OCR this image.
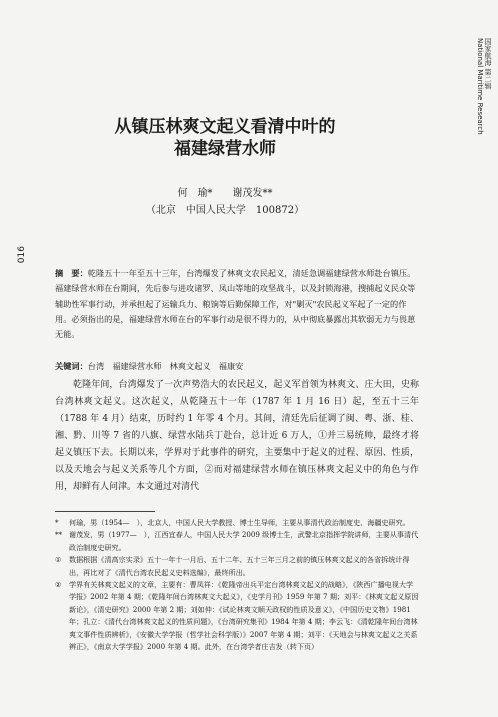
国家航海 第二辑
National Maritime Research
016
从镇压林爽文起义看清中叶的
福建绿营水师
何　瑜*　　谢茂发**
（北京　中国人民大学　100872）
摘　要：乾隆五十一年至五十三年，台湾爆发了林爽文农民起义，清廷急调福建绿营水师赴台镇压。福建绿营水师在台期间，先后参与进攻诸罗、凤山等地的攻坚战斗，以及封锁海港，搜捕起义民众等辅助性军事行动，并承担起了运输兵力、粮饷等后勤保障工作，对"剿灭"农民起义军起了一定的作用。必须指出的是，福建绿营水师在台的军事行动是很不得力的，从中彻底暴露出其软弱无力与畏葸无能。
关键词：台湾　福建绿营水师　林爽文起义　福康安

乾隆年间，台湾爆发了一次声势浩大的农民起义，起义军首领为林爽文、庄大田，史称台湾林爽文起义。这次起义，从乾隆五十一年（1787 年 1 月 16 日）起，至五十三年（1788 年 4 月）结束，历时约 1 年零 4 个月。其间，清廷先后征调了闽、粤、浙、桂、湘、黔、川等 7 省的八旗、绿营水陆兵丁赴台，总计近 6 万人，①并三易统帅，最终才将起义镇压下去。长期以来，学界对于此事件的研究，主要集中于起义的过程、原因、性质，以及天地会与起义关系等几个方面，②而对福建绿营水师在镇压林爽文起义中的角色与作用，却鲜有人问津。本文通过对清代

*	何瑜，男（1954—　），北京人，中国人民大学教授、博士生导师，主要从事清代政治制度史、海疆史研究。
** 谢茂发，男（1977—　），江西宜春人，中国人民大学 2009 级博士生，武警北京指挥学院讲师，主要从事清代政治制度史研究。
①	数据根据《清高宗实录》五十一年十一月后、五十二年、五十三年三月之前的镇压林爽文起义的各省拆统计得出，再比对了《清代台湾农民起义史料选编》，最终所出。
②	学界有关林爽文起义的文章，主要有：曹凤祥：《乾隆帝出兵平定台湾林爽文起义的战略》，《陕西广播电视大学学报》2002 年第 4 期；《乾隆年间台湾林爽文大起义》，《史学月刊》1959 年第 7 期；刘平：《林爽文起义原因新论》，《清史研究》2000 年第 2 期；刘如仲：《试论林爽文顺天政权的性质及意义》，《中国历史文物》1981 年；孔立：《清代台湾林爽文起义的性质问题》，《台湾研究集刊》1984 年第 4 期；李云飞：《清乾隆年间台湾林爽文事件性质辨析》，《安徽大学学报（哲学社会科学版）》2007 年第 4 期；刘平：《天地会与林爽文起义之关系辨正》，《南京大学学报》2000 年第 4 期。此外，在台湾学者庄吉发（转下页）
